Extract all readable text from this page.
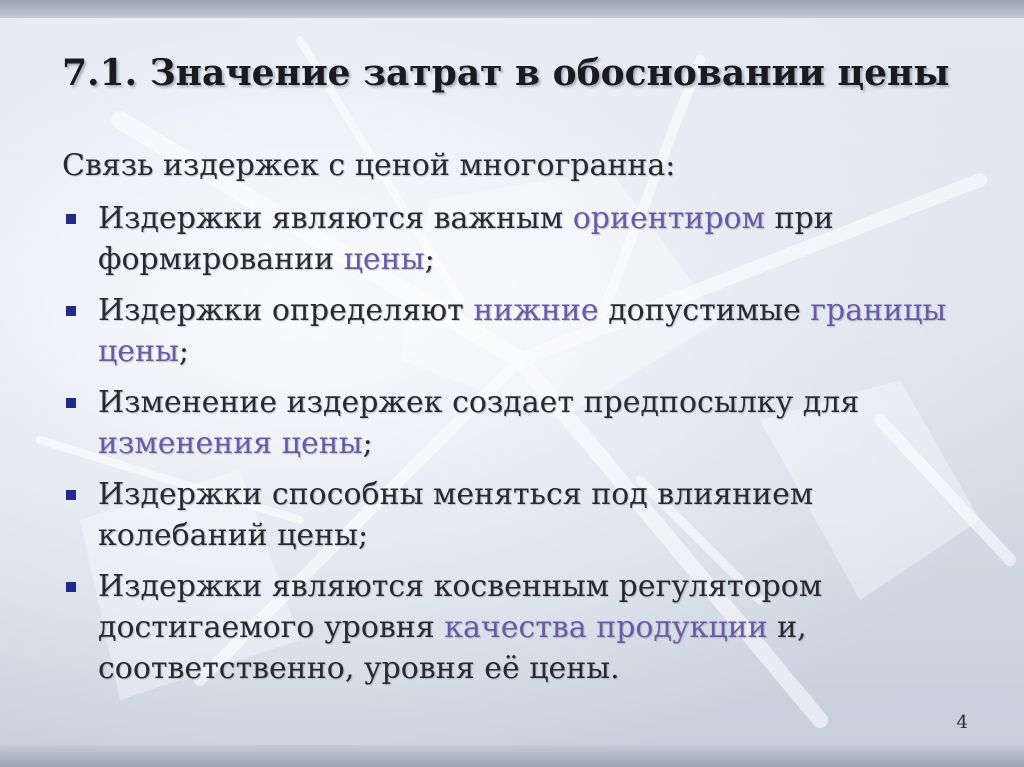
7.1. Значение затрат в обосновании цены
Связь издержек с ценой многогранна:
Издержки являются важным ориентиром при формировании цены;
Издержки определяют нижние допустимые границы цены;
Изменение издержек создает предпосылку для изменения цены;
Издержки способны меняться под влиянием колебаний цены;
Издержки являются косвенным регулятором достигаемого уровня качества продукции и, соответственно, уровня её цены.
4
